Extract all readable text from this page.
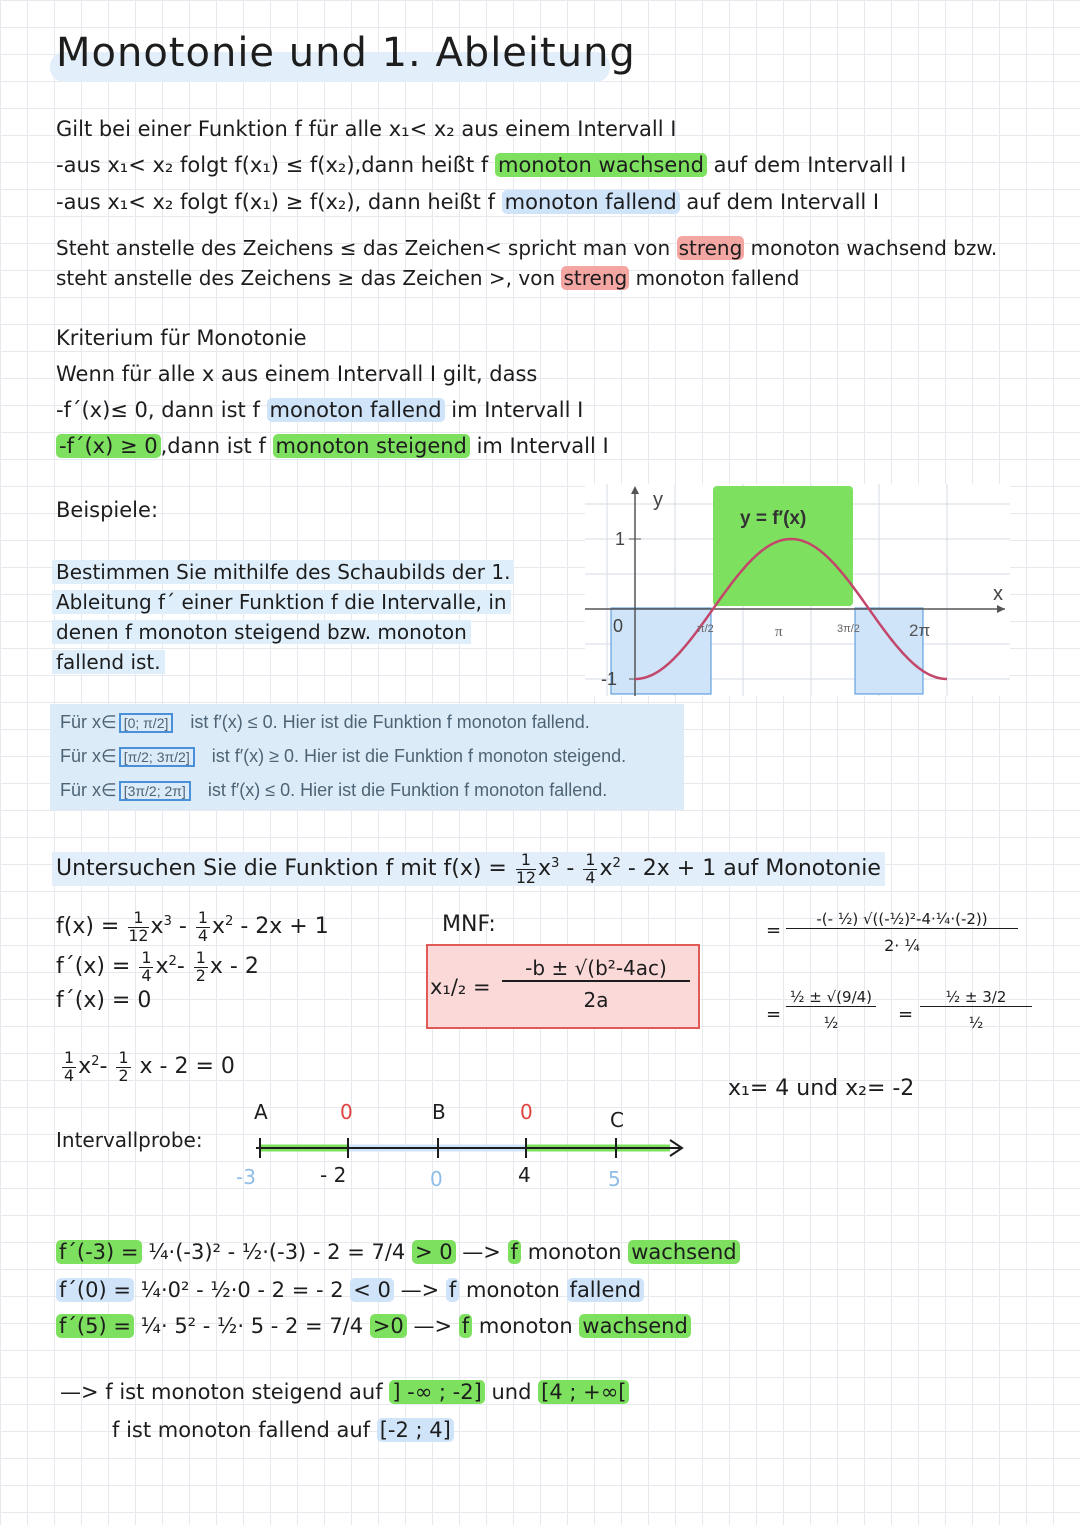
Monotonie und 1. Ableitung
Gilt bei einer Funktion f für alle x₁< x₂ aus einem Intervall I
-aus x₁< x₂ folgt f(x₁) ≤ f(x₂),dann heißt f monoton wachsend auf dem Intervall I
-aus x₁< x₂ folgt f(x₁) ≥ f(x₂), dann heißt f monoton fallend auf dem Intervall I
Steht anstelle des Zeichens ≤ das Zeichen< spricht man von streng monoton wachsend bzw.
steht anstelle des Zeichens ≥ das Zeichen >, von streng monoton fallend
Kriterium für Monotonie
Wenn für alle x aus einem Intervall I gilt, dass
-f´(x)≤ 0, dann ist f monoton fallend im Intervall I
-f´(x) ≥ 0 ,dann ist f monoton steigend im Intervall I
Beispiele:
Bestimmen Sie mithilfe des Schaubilds der 1.
Ableitung f´ einer Funktion f die Intervalle, in
denen f monoton steigend bzw. monoton
fallend ist.
y
x
y = f′(x)
1
-1
0	π/2	π	3π/2	2π
Für x∈ [0; π/2] ist f′(x) ≤ 0. Hier ist die Funktion f monoton fallend.
Für x∈ [π/2; 3π/2] ist f′(x) ≥ 0. Hier ist die Funktion f monoton steigend.
Für x∈ [3π/2; 2π] ist f′(x) ≤ 0. Hier ist die Funktion f monoton fallend.
Untersuchen Sie die Funktion f mit $f(x) = \frac{1}{12} x^3 - \frac{1}{4} x^2 - 2x + 1$ auf Monotonie
$f(x) = \frac{1}{12} x^3 - \frac{1}{4} x^2 - 2x + 1$
f´(x) = $\frac{1}{4} x^2- \frac{1}{2}$ x - 2
f´(x) = 0
$\frac{1}{4} x^2- \frac{1}{2}$ x - 2 = 0
MNF:
x₁/₂ =
-b ± √(b²-4ac)
2a
=
-(- ½) √((-½)²-4·¼·(-2))
2· ¼
=
½ ± √(9/4)
½	=
½ ± 3/2
½
x₁= 4 und x₂= -2
Intervallprobe:
A	0	B	0	C
-3	- 2	0	4	5
f´(-3) = ¼·(-3)² - ½·(-3) - 2 = 7/4 > 0 —> f monoton wachsend
f´(0) = ¼·0² - ½·0 - 2 = - 2 < 0 —> f monoton fallend
f´(5) = ¼· 5² - ½· 5 - 2 = 7/4 >0 —> f monoton wachsend
—> f ist monoton steigend auf ] -∞ ; -2] und [4 ; +∞[
f ist monoton fallend auf [-2 ; 4]
